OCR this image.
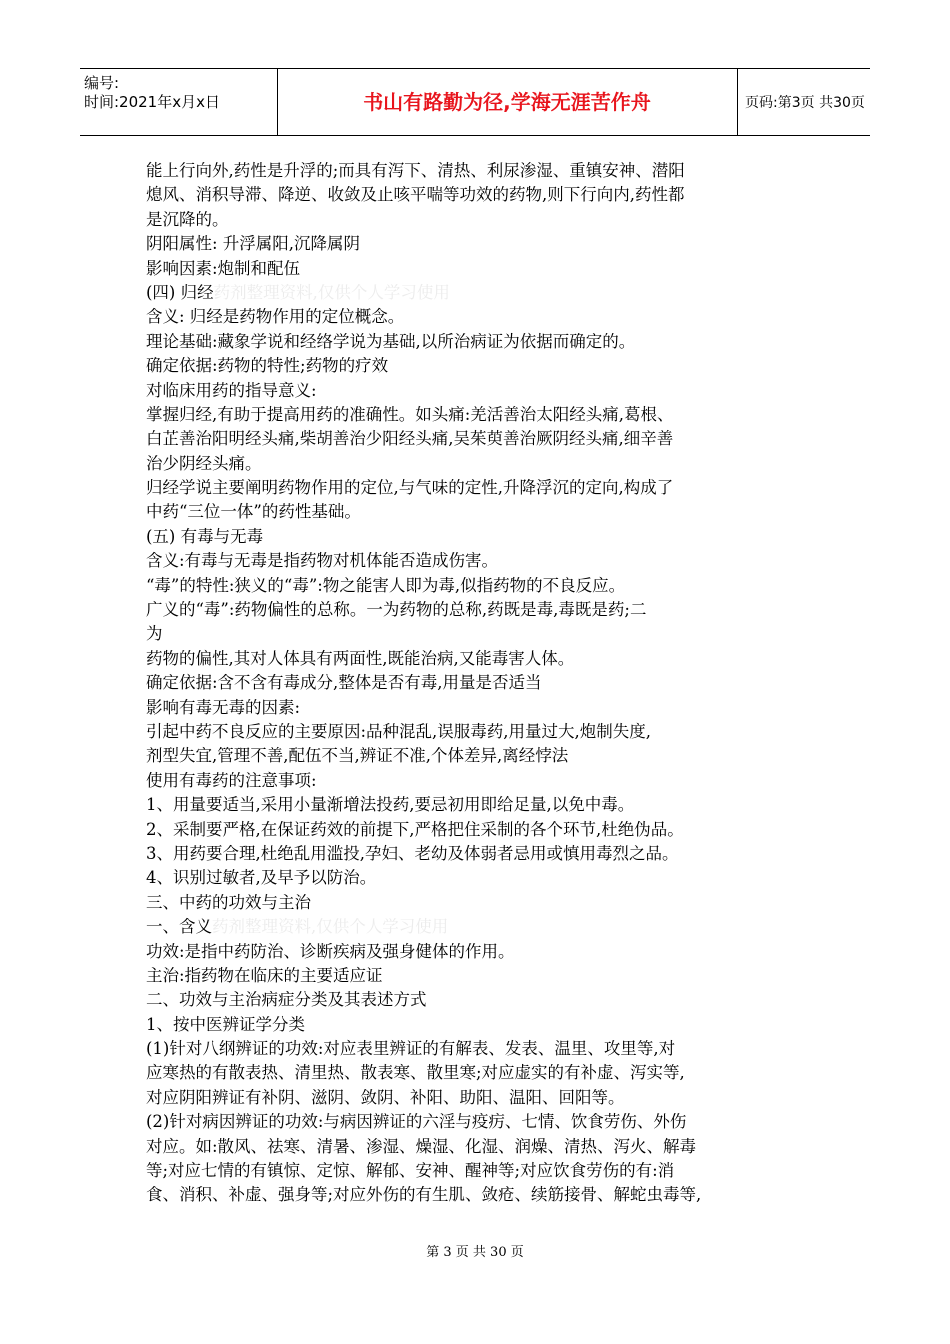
编号:
时间:2021年x月x日	书山有路勤为径,学海无涯苦作舟	页码:第3页 共30页
能上行向外,药性是升浮的;而具有泻下、清热、利尿渗湿、重镇安神、潜阳
熄风、消积导滞、降逆、收敛及止咳平喘等功效的药物,则下行向内,药性都
是沉降的。
阴阳属性: 升浮属阳,沉降属阴
影响因素:炮制和配伍
(四) 归经药剂整理资料,仅供个人学习使用
含义: 归经是药物作用的定位概念。
理论基础:藏象学说和经络学说为基础,以所治病证为依据而确定的。
确定依据:药物的特性;药物的疗效
对临床用药的指导意义:
掌握归经,有助于提高用药的准确性。如头痛:羌活善治太阳经头痛,葛根、
白芷善治阳明经头痛,柴胡善治少阳经头痛,吴茱萸善治厥阴经头痛,细辛善
治少阴经头痛。
归经学说主要阐明药物作用的定位,与气味的定性,升降浮沉的定向,构成了
中药“三位一体”的药性基础。
(五) 有毒与无毒
含义:有毒与无毒是指药物对机体能否造成伤害。
“毒”的特性:狭义的“毒”:物之能害人即为毒,似指药物的不良反应。
广义的“毒”:药物偏性的总称。一为药物的总称,药既是毒,毒既是药;二
为
药物的偏性,其对人体具有两面性,既能治病,又能毒害人体。
确定依据:含不含有毒成分,整体是否有毒,用量是否适当
影响有毒无毒的因素:
引起中药不良反应的主要原因:品种混乱,误服毒药,用量过大,炮制失度,
剂型失宜,管理不善,配伍不当,辨证不准,个体差异,离经悖法
使用有毒药的注意事项:
1、用量要适当,采用小量渐增法投药,要忌初用即给足量,以免中毒。
2、采制要严格,在保证药效的前提下,严格把住采制的各个环节,杜绝伪品。
3、用药要合理,杜绝乱用滥投,孕妇、老幼及体弱者忌用或慎用毒烈之品。
4、识别过敏者,及早予以防治。
三、中药的功效与主治
一、含义药剂整理资料,仅供个人学习使用
功效:是指中药防治、诊断疾病及强身健体的作用。
主治:指药物在临床的主要适应证
二、功效与主治病症分类及其表述方式
1、按中医辨证学分类
(1)针对八纲辨证的功效:对应表里辨证的有解表、发表、温里、攻里等,对
应寒热的有散表热、清里热、散表寒、散里寒;对应虚实的有补虚、泻实等,
对应阴阳辨证有补阴、滋阴、敛阴、补阳、助阳、温阳、回阳等。
(2)针对病因辨证的功效:与病因辨证的六淫与疫疠、七情、饮食劳伤、外伤
对应。如:散风、祛寒、清暑、渗湿、燥湿、化湿、润燥、清热、泻火、解毒
等;对应七情的有镇惊、定惊、解郁、安神、醒神等;对应饮食劳伤的有:消
食、消积、补虚、强身等;对应外伤的有生肌、敛疮、续筋接骨、解蛇虫毒等,
第 3 页 共 30 页
